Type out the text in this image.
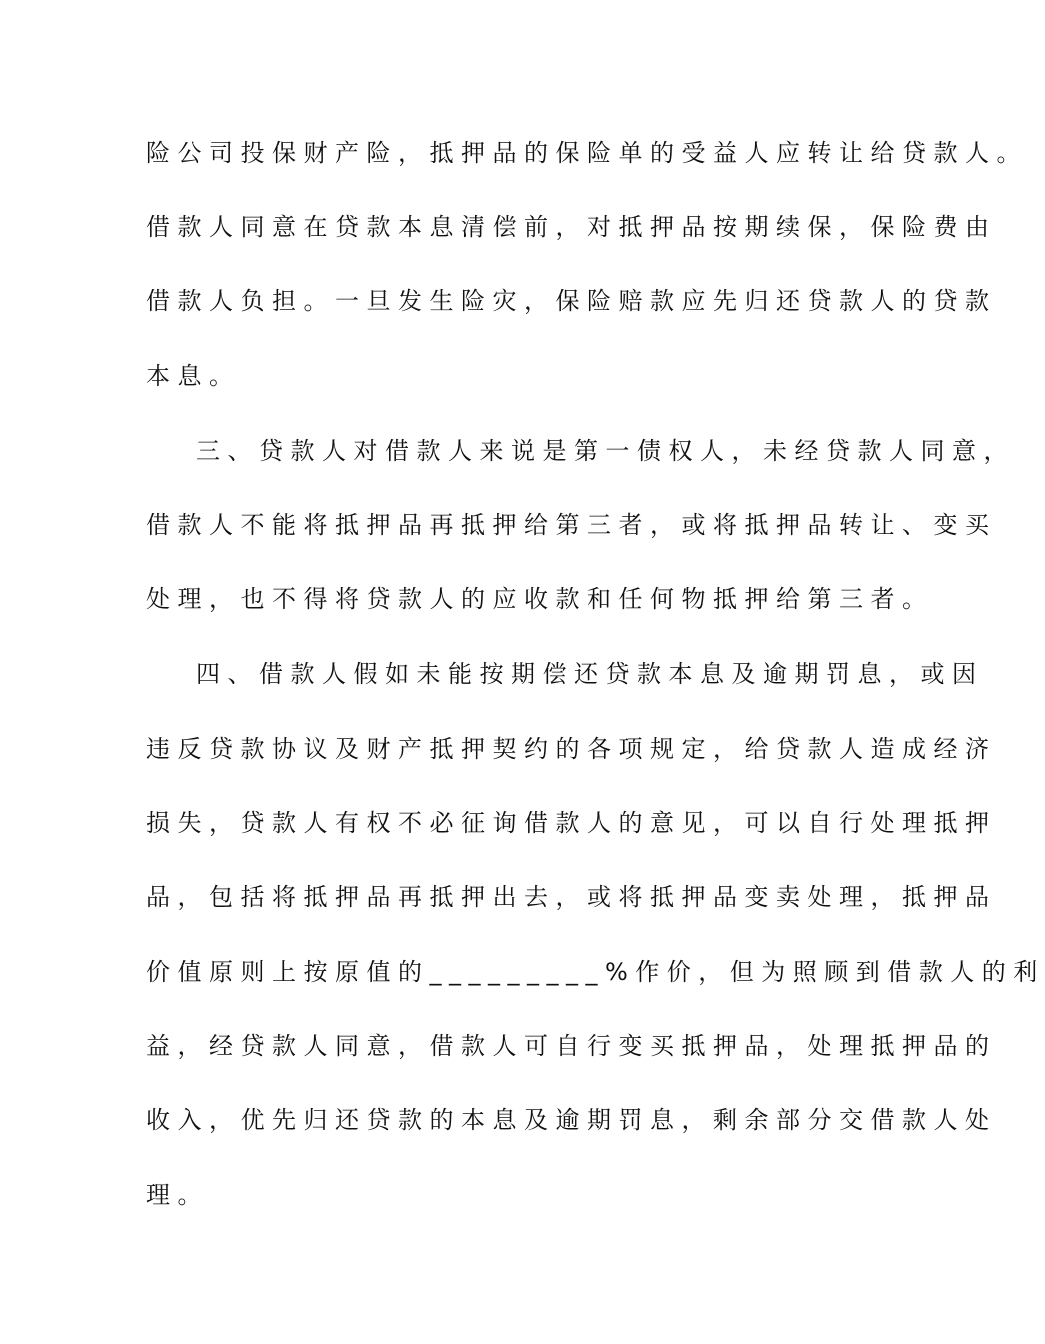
险公司投保财产险，抵押品的保险单的受益人应转让给贷款人。
借款人同意在贷款本息清偿前，对抵押品按期续保，保险费由
借款人负担。一旦发生险灾，保险赔款应先归还贷款人的贷款
本息。
三、贷款人对借款人来说是第一债权人，未经贷款人同意，
借款人不能将抵押品再抵押给第三者，或将抵押品转让、变买
处理，也不得将贷款人的应收款和任何物抵押给第三者。
四、借款人假如未能按期偿还贷款本息及逾期罚息，或因
违反贷款协议及财产抵押契约的各项规定，给贷款人造成经济
损失，贷款人有权不必征询借款人的意见，可以自行处理抵押
品，包括将抵押品再抵押出去，或将抵押品变卖处理，抵押品
价值原则上按原值的_________%作价，但为照顾到借款人的利
益，经贷款人同意，借款人可自行变买抵押品，处理抵押品的
收入，优先归还贷款的本息及逾期罚息，剩余部分交借款人处
理。
